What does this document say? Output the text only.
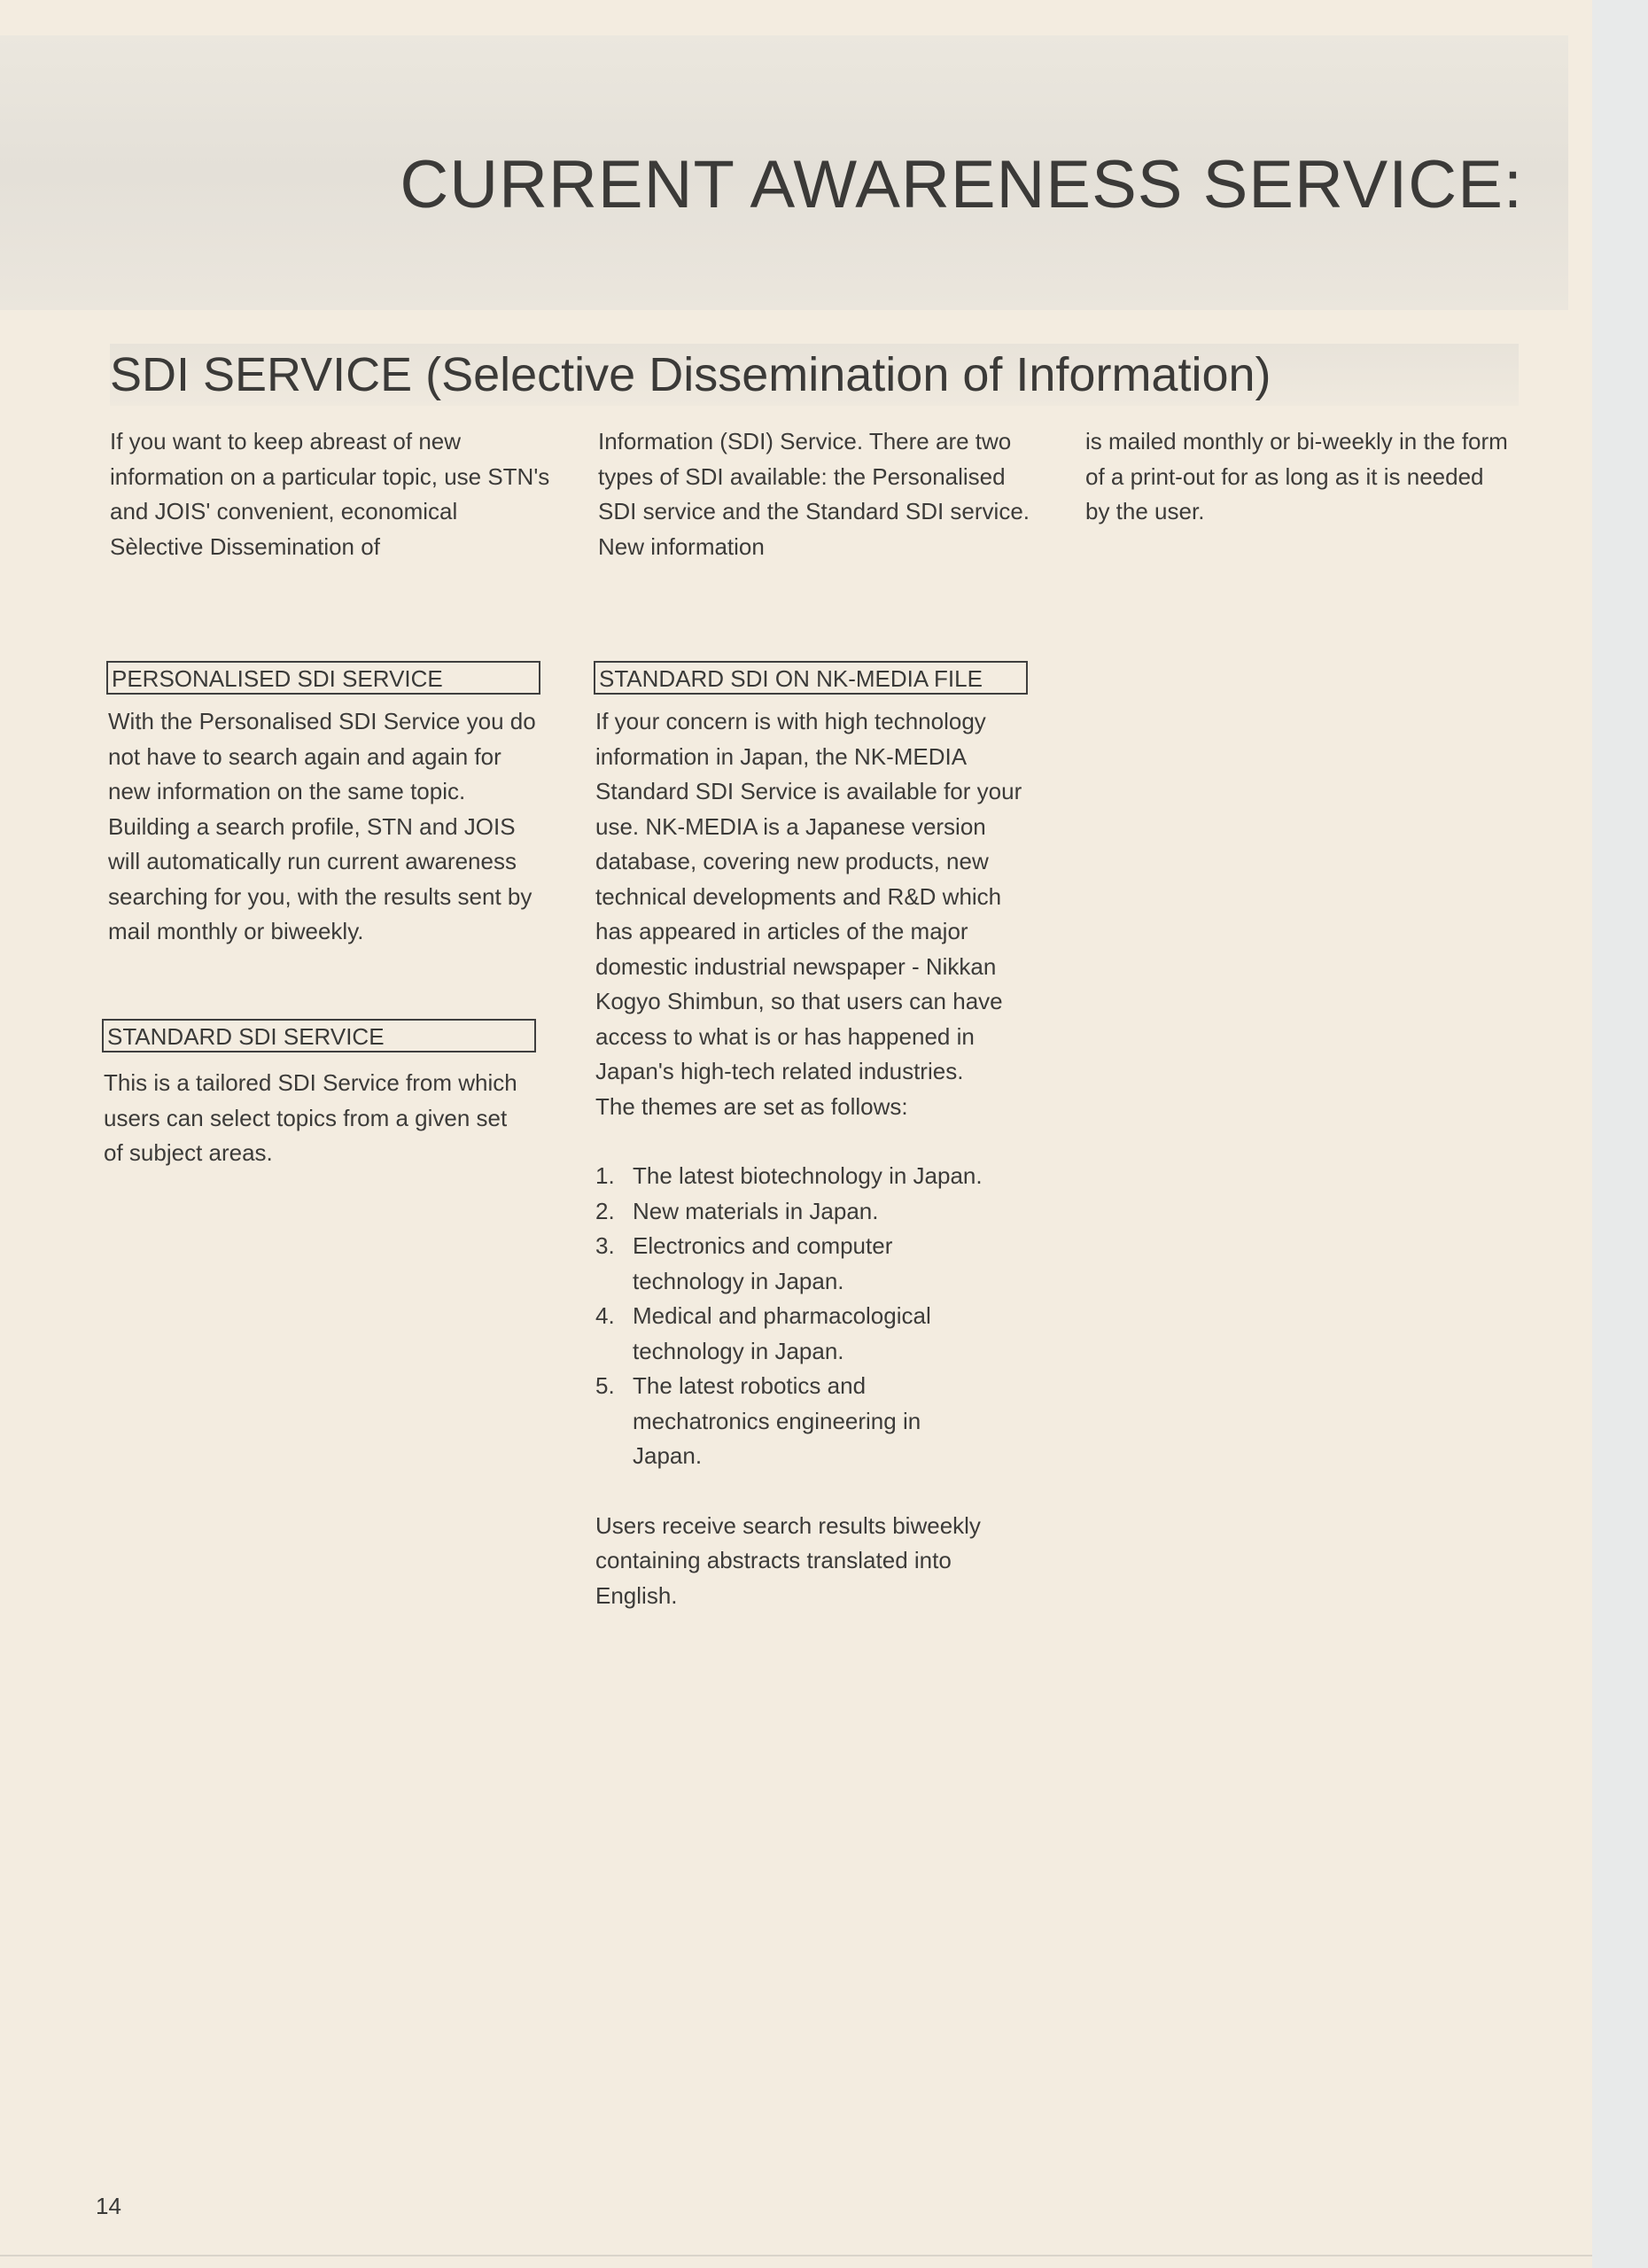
CURRENT AWARENESS SERVICE:
SDI SERVICE (Selective Dissemination of Information)

If you want to keep abreast of new information on a particular topic, use STN's and JOIS' convenient, economical Sèlective Dissemination of

Information (SDI) Service. There are two types of SDI available: the Personalised SDI service and the Standard SDI service. New information

is mailed monthly or bi-weekly in the form of a print-out for as long as it is needed by the user.

PERSONALISED SDI SERVICE

With the Personalised SDI Service you do not have to search again and again for new information on the same topic. Building a search profile, STN and JOIS will automatically run current awareness searching for you, with the results sent by mail monthly or biweekly.

STANDARD SDI SERVICE

This is a tailored SDI Service from which users can select topics from a given set of subject areas.

STANDARD SDI ON NK-MEDIA FILE

If your concern is with high technology information in Japan, the NK-MEDIA Standard SDI Service is available for your use. NK-MEDIA is a Japanese version database, covering new products, new technical developments and R&D which has appeared in articles of the major domestic industrial newspaper - Nikkan Kogyo Shimbun, so that users can have access to what is or has happened in Japan's high-tech related industries.

The themes are set as follows:

1. The latest biotechnology in Japan.
2. New materials in Japan.
3. Electronics and computer technology in Japan.
4. Medical and pharmacological technology in Japan.
5. The latest robotics and mechatronics engineering in Japan.

Users receive search results biweekly containing abstracts translated into English.

14
